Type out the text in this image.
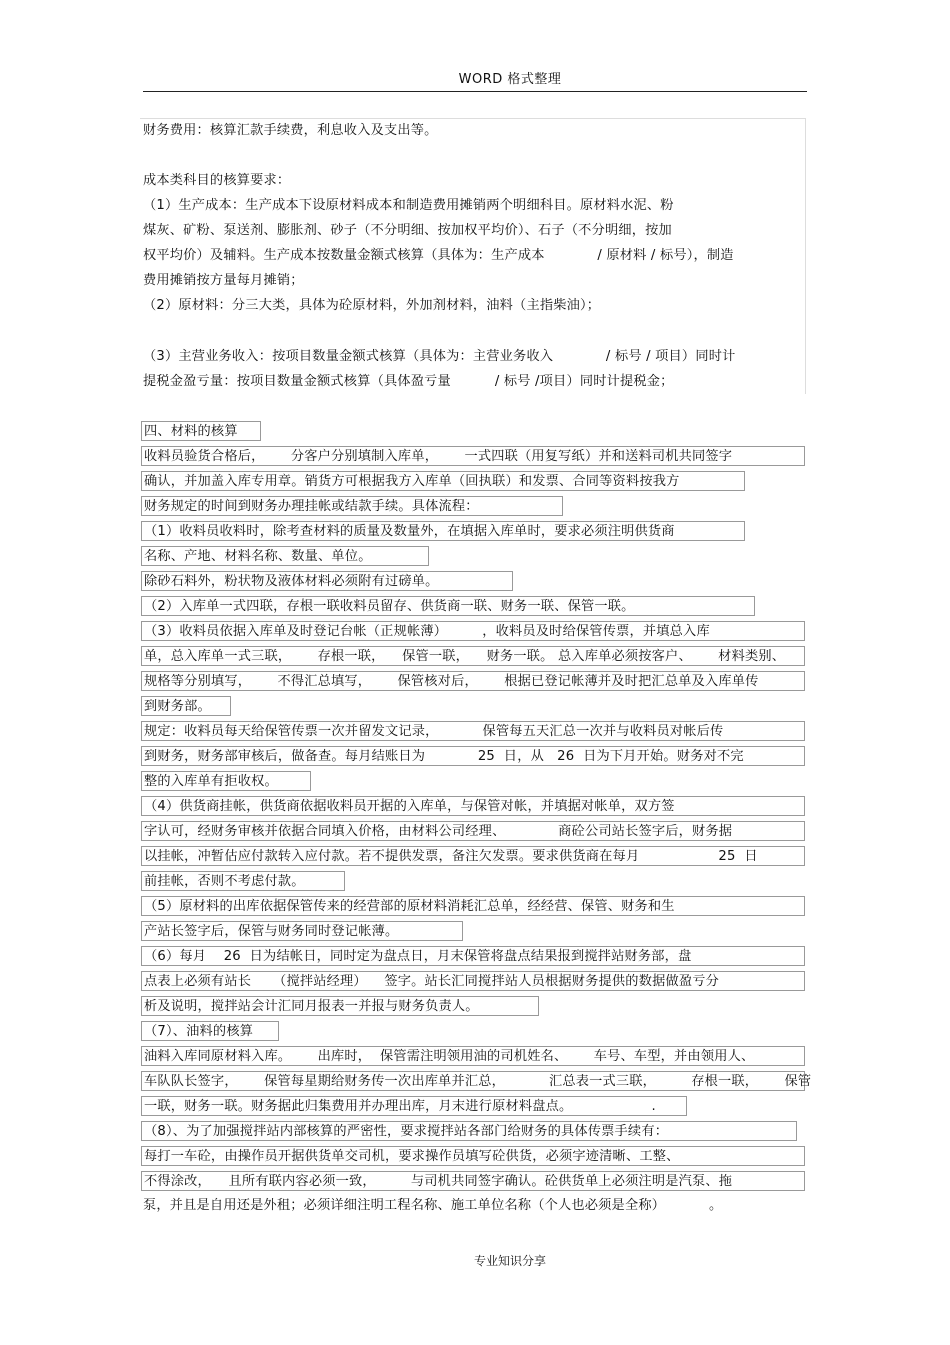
WORD 格式整理
财务费用：核算汇款手续费，利息收入及支出等。
成本类科目的核算要求：
（1）生产成本：生产成本下设原材料成本和制造费用摊销两个明细科目。原材料水泥、粉
煤灰、矿粉、泵送剂、膨胀剂、砂子（不分明细、按加权平均价）、石子（不分明细，按加
权平均价）及辅料。生产成本按数量金额式核算（具体为：生产成本            / 原材料 / 标号），制造
费用摊销按方量每月摊销；
（2）原材料：分三大类，具体为砼原材料，外加剂材料，油料（主指柴油）；
（3）主营业务收入：按项目数量金额式核算（具体为：主营业务收入            / 标号 / 项目）同时计
提税金盈亏量：按项目数量金额式核算（具体盈亏量          / 标号 /项目）同时计提税金；
四、材料的核算
收料员验货合格后，      分客户分别填制入库单，      一式四联（用复写纸）并和送料司机共同签字
确认，并加盖入库专用章。销货方可根据我方入库单（回执联）和发票、合同等资料按我方
财务规定的时间到财务办理挂帐或结款手续。具体流程：
（1）收料员收料时，除考查材料的质量及数量外，在填据入库单时，要求必须注明供货商
名称、产地、材料名称、数量、单位。
除砂石料外，粉状物及液体材料必须附有过磅单。
（2）入库单一式四联，存根一联收料员留存、供货商一联、财务一联、保管一联。
（3）收料员依据入库单及时登记台帐（正规帐薄）        ，收料员及时给保管传票，并填总入库
单，总入库单一式三联，      存根一联，    保管一联，    财务一联。 总入库单必须按客户、      材料类别、
规格等分别填写，      不得汇总填写，      保管核对后，      根据已登记帐薄并及时把汇总单及入库单传
到财务部。
规定：收料员每天给保管传票一次并留发文记录，          保管每五天汇总一次并与收料员对帐后传
到财务，财务部审核后，做备查。每月结账日为            25  日，从   26  日为下月开始。财务对不完
整的入库单有拒收权。
（4）供货商挂帐，供货商依据收料员开据的入库单，与保管对帐，并填据对帐单，双方签
字认可，经财务审核并依据合同填入价格，由材料公司经理、            商砼公司站长签字后，财务据
以挂帐，冲暂估应付款转入应付款。若不提供发票，备注欠发票。要求供货商在每月                  25  日
前挂帐，否则不考虑付款。
（5）原材料的出库依据保管传来的经营部的原材料消耗汇总单，经经营、保管、财务和生
产站长签字后，保管与财务同时登记帐薄。
（6）每月    26  日为结帐日，同时定为盘点日，月末保管将盘点结果报到搅拌站财务部，盘
点表上必须有站长     （搅拌站经理）    签字。站长汇同搅拌站人员根据财务提供的数据做盈亏分
析及说明，搅拌站会计汇同月报表一并报与财务负责人。
（7）、油料的核算
油料入库同原材料入库。      出库时，  保管需注明领用油的司机姓名、      车号、车型，并由领用人、
车队队长签字，      保管每星期给财务传一次出库单并汇总，          汇总表一式三联，        存根一联，      保管
一联，财务一联。财务据此归集费用并办理出库，月末进行原材料盘点。                  .
（8）、为了加强搅拌站内部核算的严密性，要求搅拌站各部门给财务的具体传票手续有：
每打一车砼，由操作员开据供货单交司机，要求操作员填写砼供货，必须字迹清晰、工整、
不得涂改，    且所有联内容必须一致，        与司机共同签字确认。砼供货单上必须注明是汽泵、拖
泵，并且是自用还是外租；必须详细注明工程名称、施工单位名称（个人也必须是全称）          。
专业知识分享
